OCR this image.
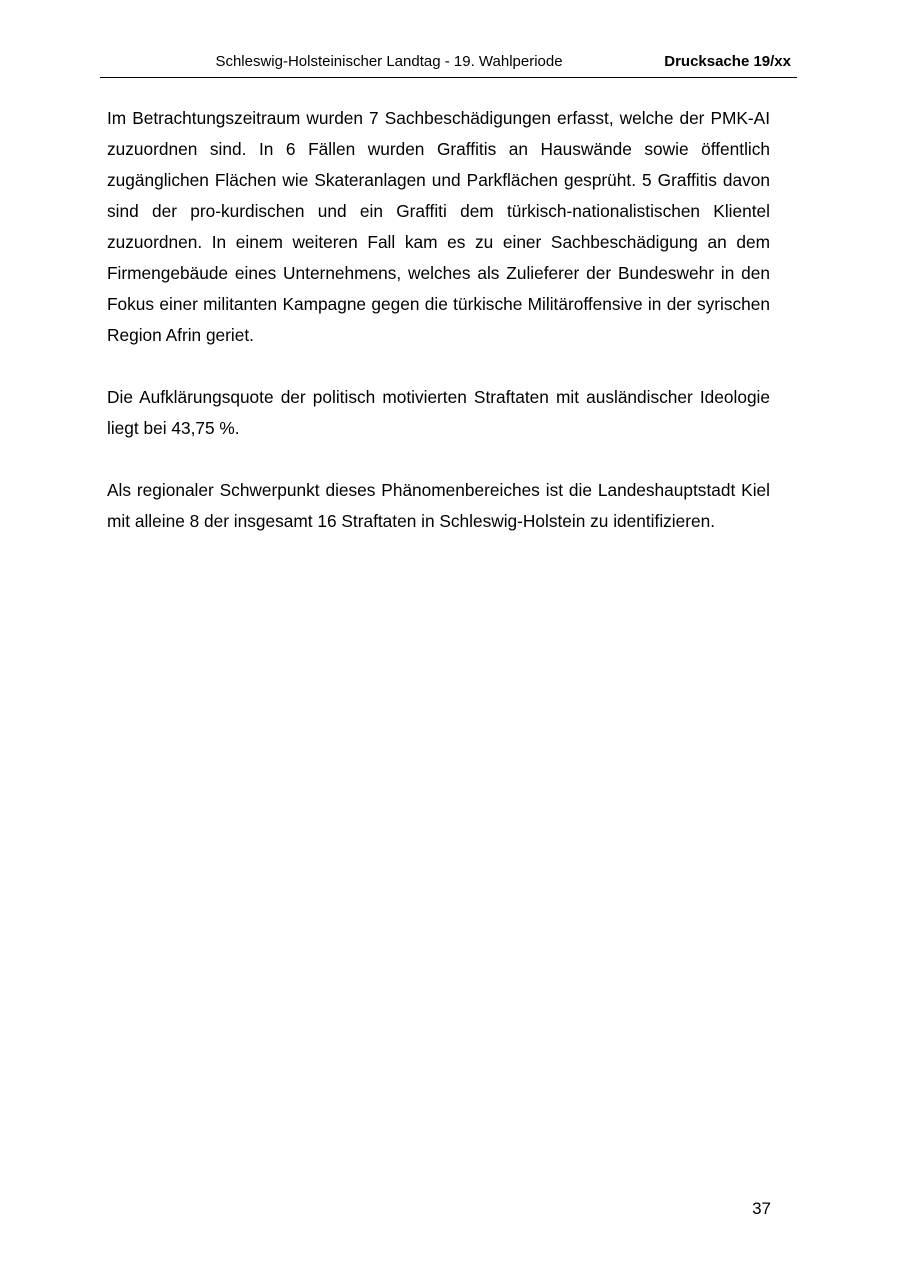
Schleswig-Holsteinischer Landtag - 19. Wahlperiode	Drucksache 19/xx

Im Betrachtungszeitraum wurden 7 Sachbeschädigungen erfasst, welche der PMK-AI zuzuordnen sind. In 6 Fällen wurden Graffitis an Hauswände sowie öffentlich zugänglichen Flächen wie Skateranlagen und Parkflächen gesprüht. 5 Graffitis davon sind der pro-kurdischen und ein Graffiti dem türkisch-nationalistischen Klientel zuzuordnen. In einem weiteren Fall kam es zu einer Sachbeschädigung an dem Firmengebäude eines Unternehmens, welches als Zulieferer der Bundeswehr in den Fokus einer militanten Kampagne gegen die türkische Militäroffensive in der syrischen Region Afrin geriet.

Die Aufklärungsquote der politisch motivierten Straftaten mit ausländischer Ideologie liegt bei 43,75 %.

Als regionaler Schwerpunkt dieses Phänomenbereiches ist die Landeshauptstadt Kiel mit alleine 8 der insgesamt 16 Straftaten in Schleswig-Holstein zu identifizieren.

37
